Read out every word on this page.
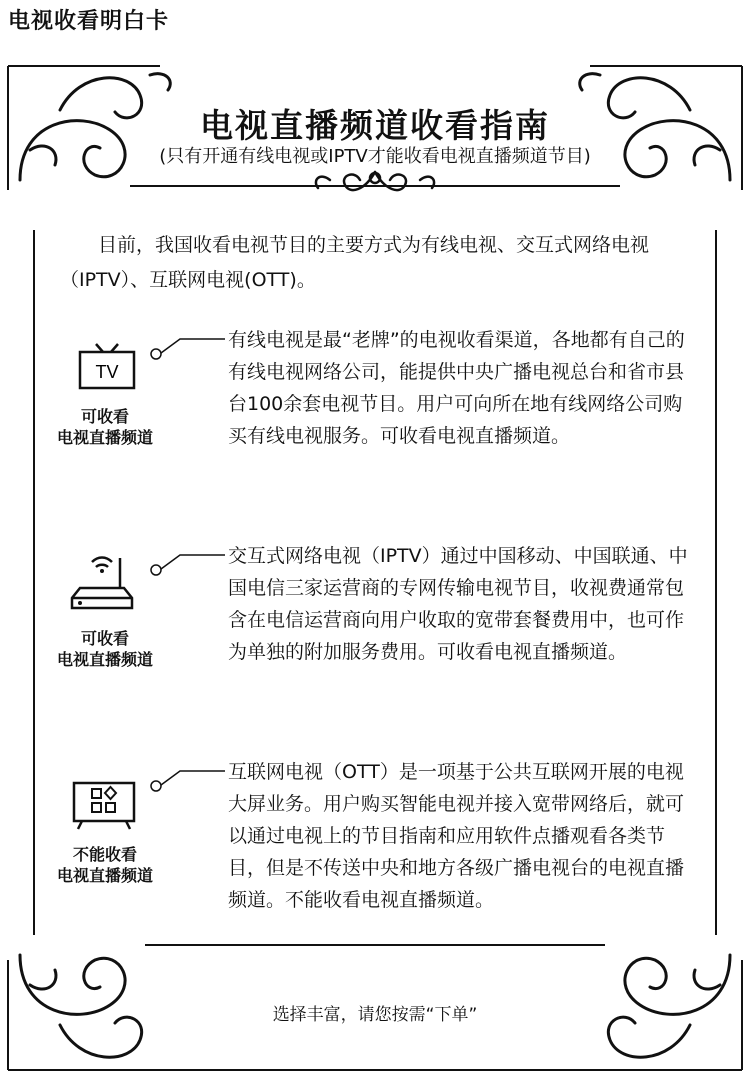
电视收看明白卡
电视直播频道收看指南
(只有开通有线电视或IPTV才能收看电视直播频道节目)
目前，我国收看电视节目的主要方式为有线电视、交互式网络电视（IPTV）、互联网电视(OTT)。
TV
可收看
电视直播频道
有线电视是最“老牌”的电视收看渠道，各地都有自己的有线电视网络公司，能提供中央广播电视总台和省市县台100余套电视节目。用户可向所在地有线网络公司购买有线电视服务。可收看电视直播频道。
可收看
电视直播频道
交互式网络电视（IPTV）通过中国移动、中国联通、中国电信三家运营商的专网传输电视节目，收视费通常包含在电信运营商向用户收取的宽带套餐费用中，也可作为单独的附加服务费用。可收看电视直播频道。
不能收看
电视直播频道
互联网电视（OTT）是一项基于公共互联网开展的电视大屏业务。用户购买智能电视并接入宽带网络后，就可以通过电视上的节目指南和应用软件点播观看各类节目，但是不传送中央和地方各级广播电视台的电视直播频道。不能收看电视直播频道。
选择丰富，请您按需“下单”
